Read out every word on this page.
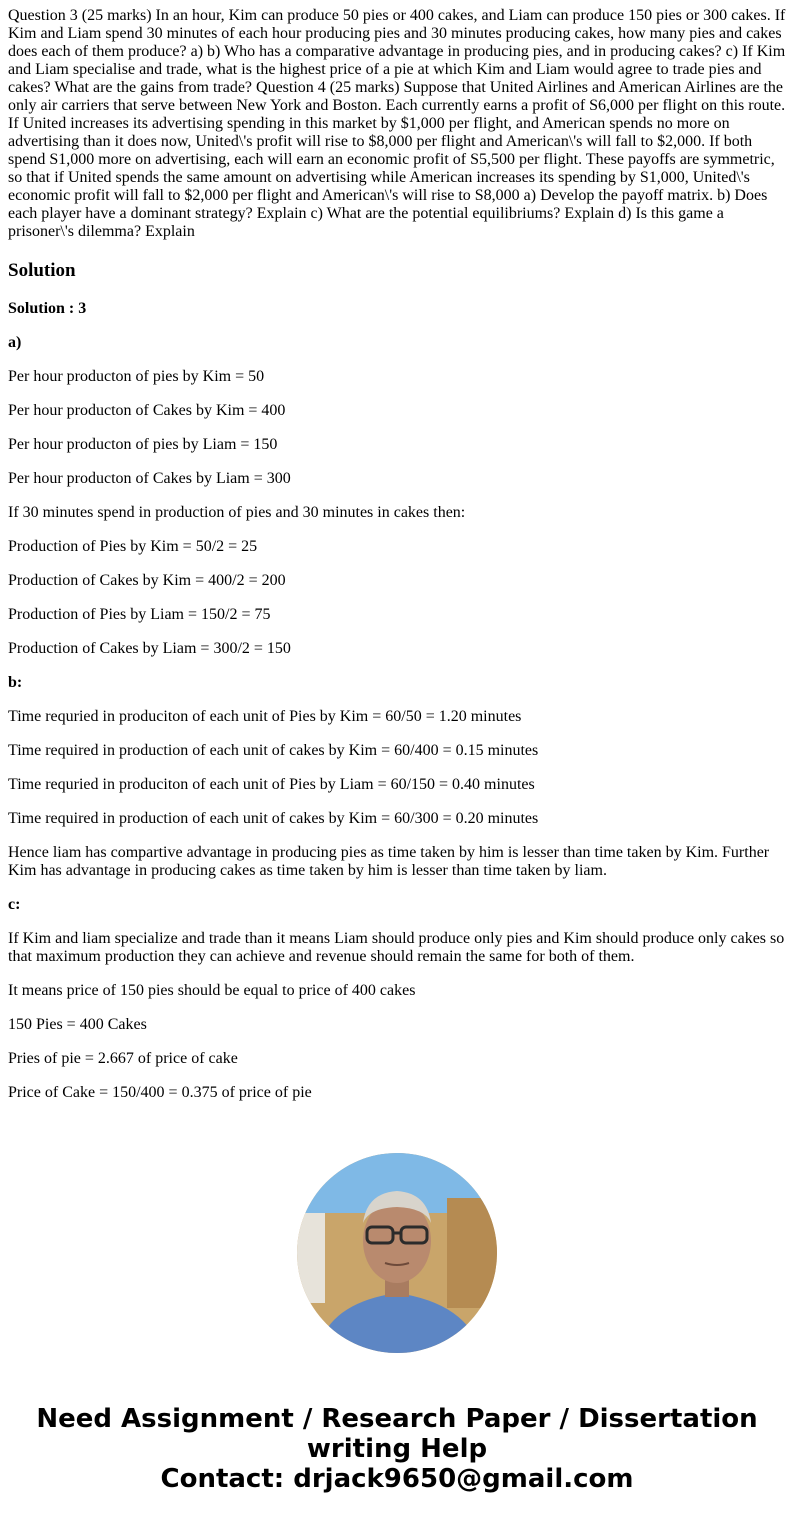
Question 3 (25 marks) In an hour, Kim can produce 50 pies or 400 cakes, and Liam can produce 150 pies or 300 cakes. If Kim and Liam spend 30 minutes of each hour producing pies and 30 minutes producing cakes, how many pies and cakes does each of them produce? a) b) Who has a comparative advantage in producing pies, and in producing cakes? c) If Kim and Liam specialise and trade, what is the highest price of a pie at which Kim and Liam would agree to trade pies and cakes? What are the gains from trade? Question 4 (25 marks) Suppose that United Airlines and American Airlines are the only air carriers that serve between New York and Boston. Each currently earns a profit of S6,000 per flight on this route. If United increases its advertising spending in this market by $1,000 per flight, and American spends no more on advertising than it does now, United\'s profit will rise to $8,000 per flight and American\'s will fall to $2,000. If both spend S1,000 more on advertising, each will earn an economic profit of S5,500 per flight. These payoffs are symmetric, so that if United spends the same amount on advertising while American increases its spending by S1,000, United\'s economic profit will fall to $2,000 per flight and American\'s will rise to S8,000 a) Develop the payoff matrix. b) Does each player have a dominant strategy? Explain c) What are the potential equilibriums? Explain d) Is this game a prisoner\'s dilemma? Explain

Solution

Solution : 3

a)

Per hour producton of pies by Kim = 50

Per hour producton of Cakes by Kim = 400

Per hour producton of pies by Liam = 150

Per hour producton of Cakes by Liam = 300

If 30 minutes spend in production of pies and 30 minutes in cakes then:

Production of Pies by Kim = 50/2 = 25

Production of Cakes by Kim = 400/2 = 200

Production of Pies by Liam = 150/2 = 75

Production of Cakes by Liam = 300/2 = 150

b:

Time requried in produciton of each unit of Pies by Kim = 60/50 = 1.20 minutes

Time required in production of each unit of cakes by Kim = 60/400 = 0.15 minutes

Time requried in produciton of each unit of Pies by Liam = 60/150 = 0.40 minutes

Time required in production of each unit of cakes by Kim = 60/300 = 0.20 minutes

Hence liam has compartive advantage in producing pies as time taken by him is lesser than time taken by Kim. Further Kim has advantage in producing cakes as time taken by him is lesser than time taken by liam.

c:

If Kim and liam specialize and trade than it means Liam should produce only pies and Kim should produce only cakes so that maximum production they can achieve and revenue should remain the same for both of them.

It means price of 150 pies should be equal to price of 400 cakes

150 Pies = 400 Cakes

Pries of pie = 2.667 of price of cake

Price of Cake = 150/400 = 0.375 of price of pie

Need Assignment / Research Paper / Dissertation writing Help
Contact: drjack9650@gmail.com
